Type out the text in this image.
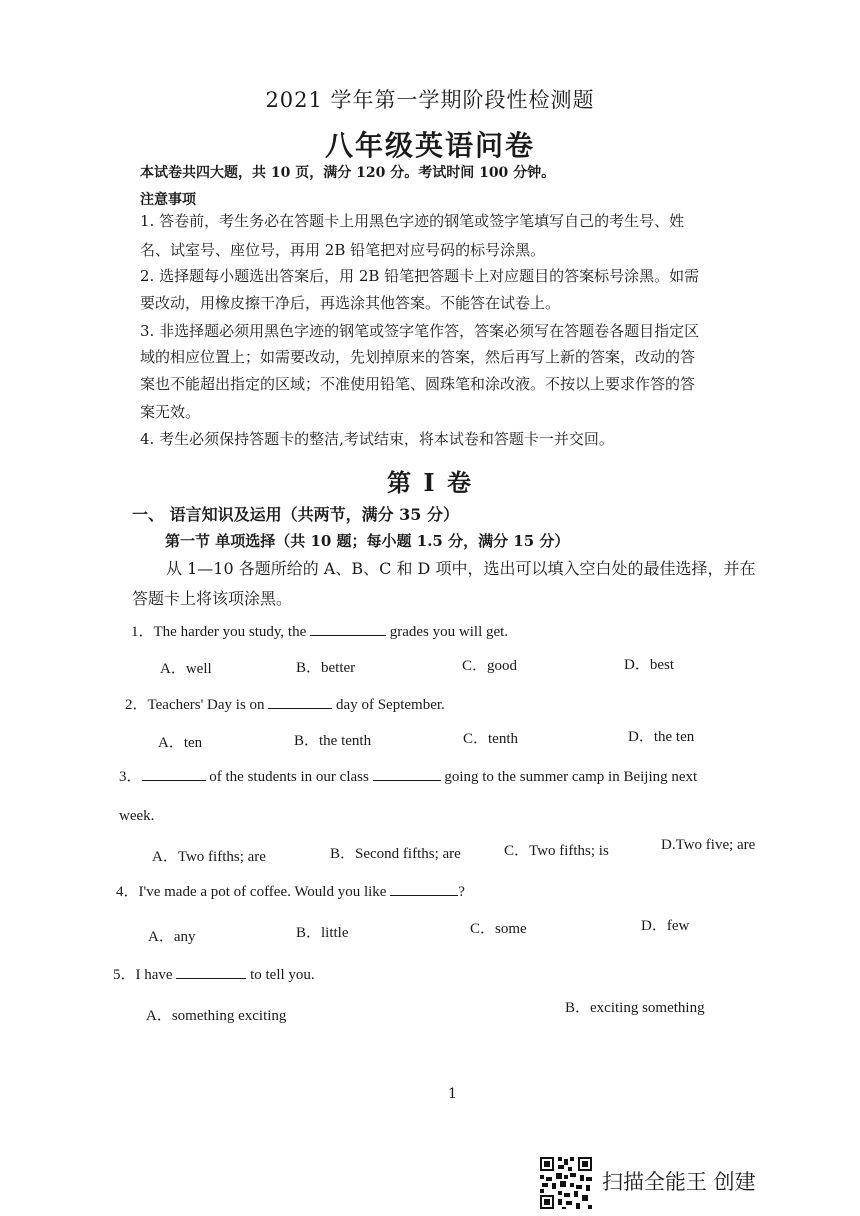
2021 学年第一学期阶段性检测题
八年级英语问卷
本试卷共四大题，共 10 页，满分 120 分。考试时间 100 分钟。
注意事项
1. 答卷前，考生务必在答题卡上用黑色字迹的钢笔或签字笔填写自己的考生号、姓
名、试室号、座位号，再用 2B 铅笔把对应号码的标号涂黑。
2. 选择题每小题选出答案后，用 2B 铅笔把答题卡上对应题目的答案标号涂黑。如需
要改动，用橡皮擦干净后，再选涂其他答案。不能答在试卷上。
3. 非选择题必须用黑色字迹的钢笔或签字笔作答，答案必须写在答题卷各题目指定区
域的相应位置上；如需要改动，先划掉原来的答案，然后再写上新的答案，改动的答
案也不能超出指定的区域；不准使用铅笔、圆珠笔和涂改液。不按以上要求作答的答
案无效。
4. 考生必须保持答题卡的整洁,考试结束，将本试卷和答题卡一并交回。
第 I 卷
一、 语言知识及运用（共两节，满分 35 分）
第一节 单项选择（共 10 题；每小题 1.5 分，满分 15 分）
从 1—10 各题所给的 A、B、C 和 D 项中，选出可以填入空白处的最佳选择，并在
答题卡上将该项涂黑。
1．The harder you study, the	grades you will get.
A．well	B．better	C．good	D．best
2．Teachers' Day is on	day of September.
A．ten	B．the tenth	C．tenth	D．the ten
3．	of the students in our class	going to the summer camp in Beijing next
week.
A．Two fifths; are	B．Second fifths; are	C．Two fifths; is	D.Two five; are
4．I've made a pot of coffee. Would you like	?
A．any	B．little	C．some	D．few
5．I have	to tell you.
A．something exciting	B．exciting something
1
扫描全能王 创建
